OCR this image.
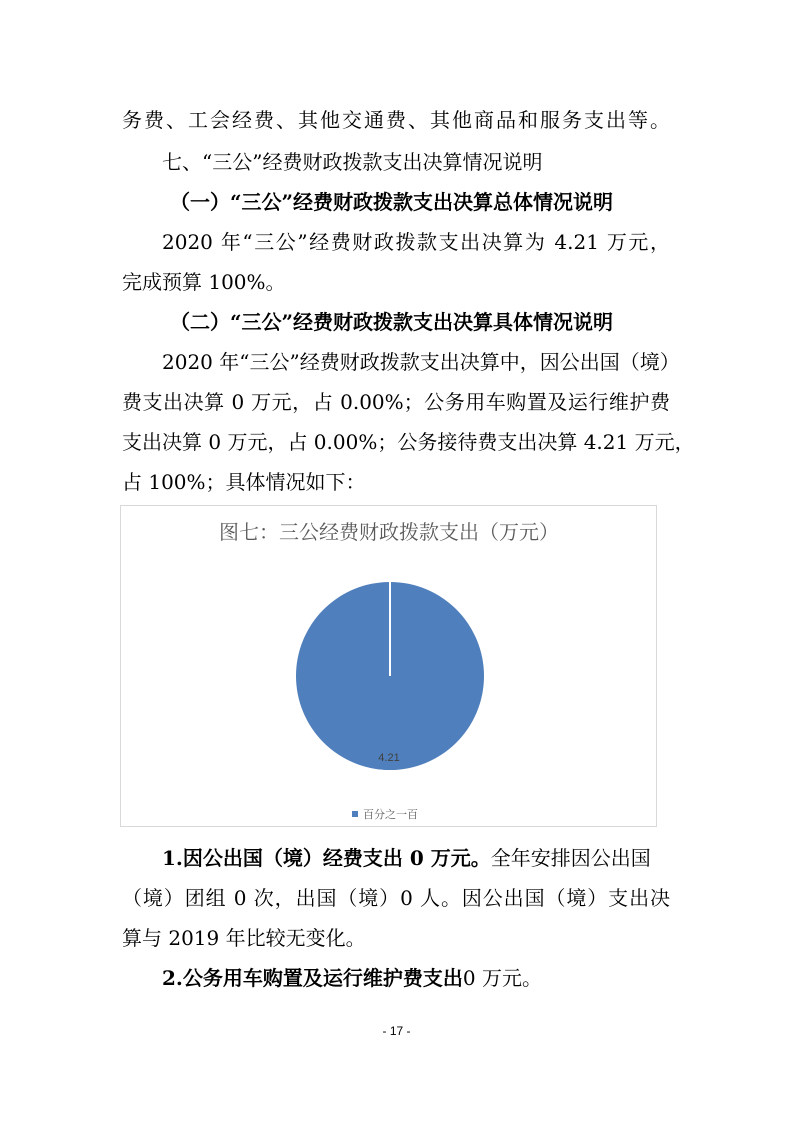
务费、工会经费、其他交通费、其他商品和服务支出等。
七、“三公”经费财政拨款支出决算情况说明
（一）“三公”经费财政拨款支出决算总体情况说明
2020 年“三公”经费财政拨款支出决算为 4.21 万元，
完成预算 100%。
（二）“三公”经费财政拨款支出决算具体情况说明
2020 年“三公”经费财政拨款支出决算中，因公出国（境）
费支出决算 0 万元，占 0.00%；公务用车购置及运行维护费
支出决算 0 万元，占 0.00%；公务接待费支出决算 4.21 万元，
占 100%；具体情况如下：
图七：三公经费财政拨款支出（万元）
4.21
百分之一百
1.因公出国（境）经费支出 0 万元。全年安排因公出国
（境）团组 0 次，出国（境）0 人。因公出国（境）支出决
算与 2019 年比较无变化。
2.公务用车购置及运行维护费支出0 万元。
- 17 -
